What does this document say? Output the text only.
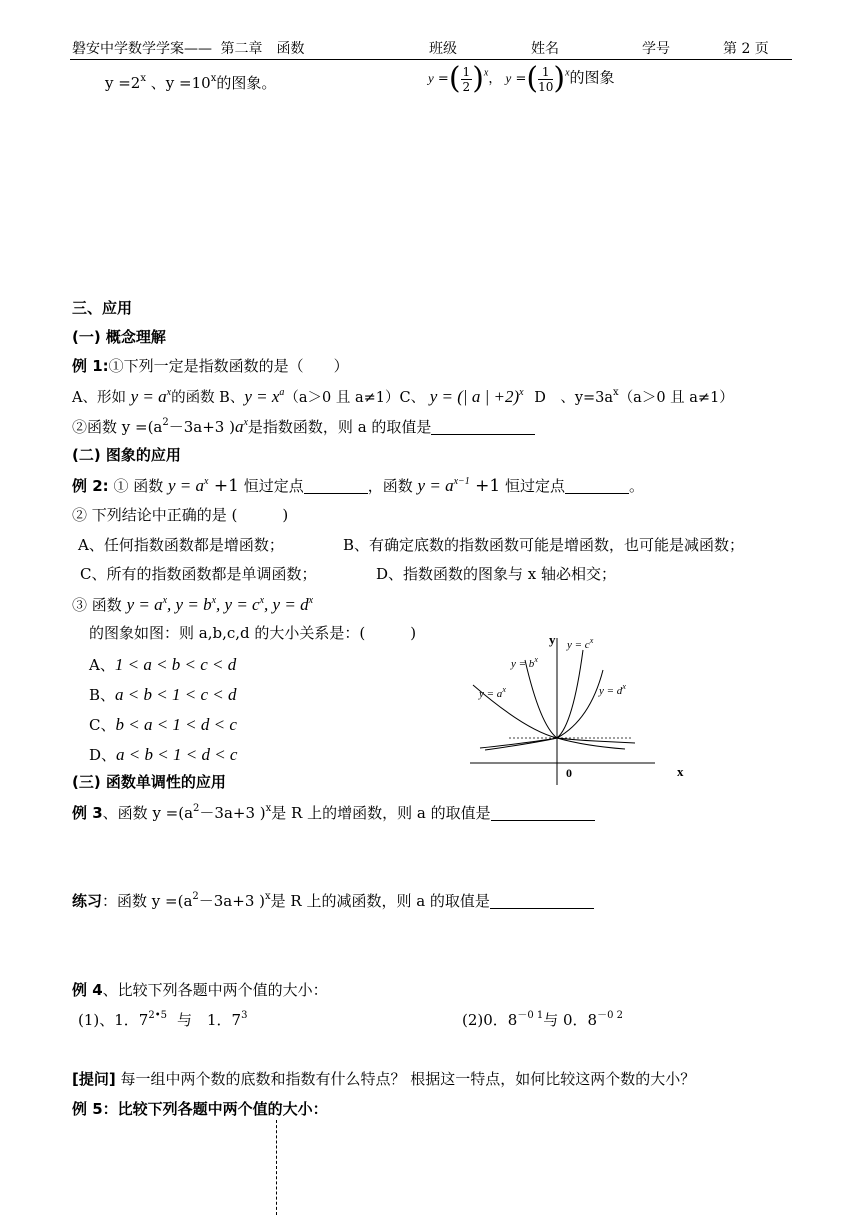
磐安中学数学学案—— 第二章　函数	班级	姓名	学号	第 2 页
$y =2^x$ 、$y =10^x$的图象。	y =( $\frac{1}{2} )^x$， y =( $\frac{1}{10} )^x$的图象
三、应用
(一) 概念理解
例 1:①下列一定是指数函数的是（　　）
A、形如 $y = a^x$的函数 B、$y = x^a(a>0$ 且 a≠1）C、 y = (| a | +2)$^x$ D　、$y=3a^x(a>0$ 且 a≠1）
②函数 $y =(a^2-3a+3$ )$a^x$是指数函数，则 a 的取值是
(二) 图象的应用
例 2: ① 函数 $y = a^x +1$ 恒过定点	，函数 $y = a^{x-1} +1$ 恒过定点	。
② 下列结论中正确的是 (　　　)
A、任何指数函数都是增函数；	B、有确定底数的指数函数可能是增函数，也可能是减函数；
C、所有的指数函数都是单调函数；	D、指数函数的图象与 x 轴必相交；
③ 函数 $y = a^x$, $y = b^x$, $y = c^x$, $y = d^x$
的图象如图：则 a,b,c,d 的大小关系是：(　　　)
A、1 < a < b < c < d
B、a < b < 1 < c < d
C、b < a < 1 < d < c
D、a < b < 1 < d < c
y
x
0
$y = a^x$
$y = b^x$
$y = c^x$
$y = d^x$
(三) 函数单调性的应用
例 3、函数 $y =(a^2-3a+3$ )$^x$是 R 上的增函数，则 a 的取值是
练习：函数 $y =(a^2-3a+3$ )$^x$是 R 上的减函数，则 a 的取值是
例 4、比较下列各题中两个值的大小：
(1)、1．$7^{2•5}$ 与　1．$7^3$	(2)0．$8^{-0 1}$与 0．$8^{-0 2}$
[提问] 每一组中两个数的底数和指数有什么特点？ 根据这一特点，如何比较这两个数的大小？
例 5：比较下列各题中两个值的大小：
